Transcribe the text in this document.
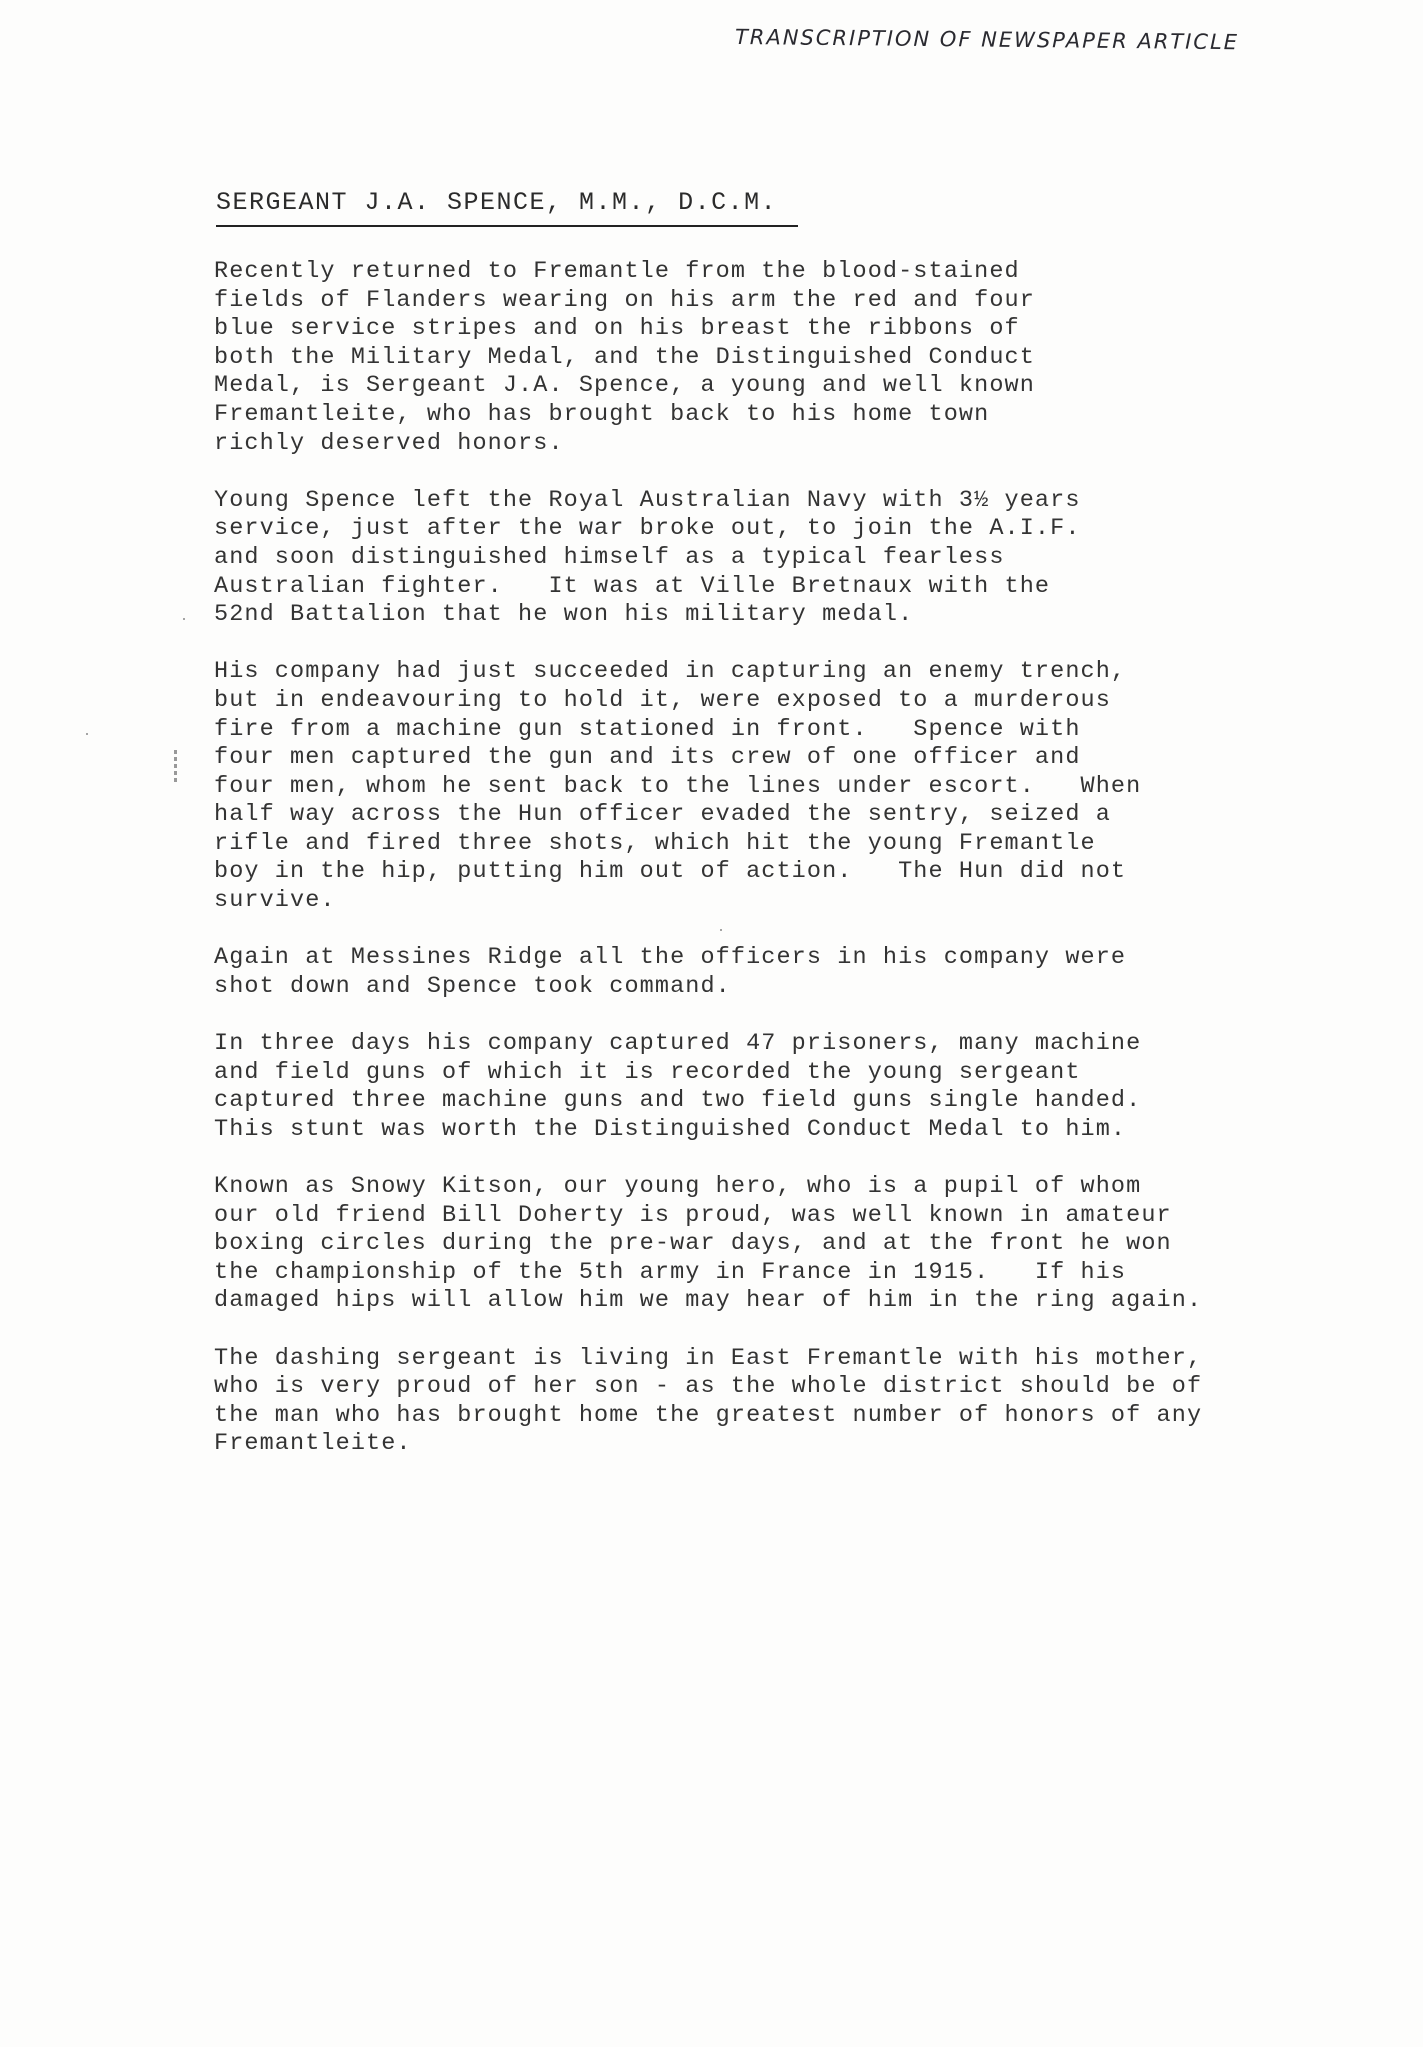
TRANSCRIPTION OF NEWSPAPER ARTICLE
SERGEANT J.A. SPENCE, M.M., D.C.M.
Recently returned to Fremantle from the blood-stained
fields of Flanders wearing on his arm the red and four
blue service stripes and on his breast the ribbons of
both the Military Medal, and the Distinguished Conduct
Medal, is Sergeant J.A. Spence, a young and well known
Fremantleite, who has brought back to his home town
richly deserved honors.
Young Spence left the Royal Australian Navy with 3½ years
service, just after the war broke out, to join the A.I.F.
and soon distinguished himself as a typical fearless
Australian fighter.   It was at Ville Bretnaux with the
52nd Battalion that he won his military medal.
His company had just succeeded in capturing an enemy trench,
but in endeavouring to hold it, were exposed to a murderous
fire from a machine gun stationed in front.   Spence with
four men captured the gun and its crew of one officer and
four men, whom he sent back to the lines under escort.   When
half way across the Hun officer evaded the sentry, seized a
rifle and fired three shots, which hit the young Fremantle
boy in the hip, putting him out of action.   The Hun did not
survive.
Again at Messines Ridge all the officers in his company were
shot down and Spence took command.
In three days his company captured 47 prisoners, many machine
and field guns of which it is recorded the young sergeant
captured three machine guns and two field guns single handed.
This stunt was worth the Distinguished Conduct Medal to him.
Known as Snowy Kitson, our young hero, who is a pupil of whom
our old friend Bill Doherty is proud, was well known in amateur
boxing circles during the pre-war days, and at the front he won
the championship of the 5th army in France in 1915.   If his
damaged hips will allow him we may hear of him in the ring again.
The dashing sergeant is living in East Fremantle with his mother,
who is very proud of her son - as the whole district should be of
the man who has brought home the greatest number of honors of any
Fremantleite.
